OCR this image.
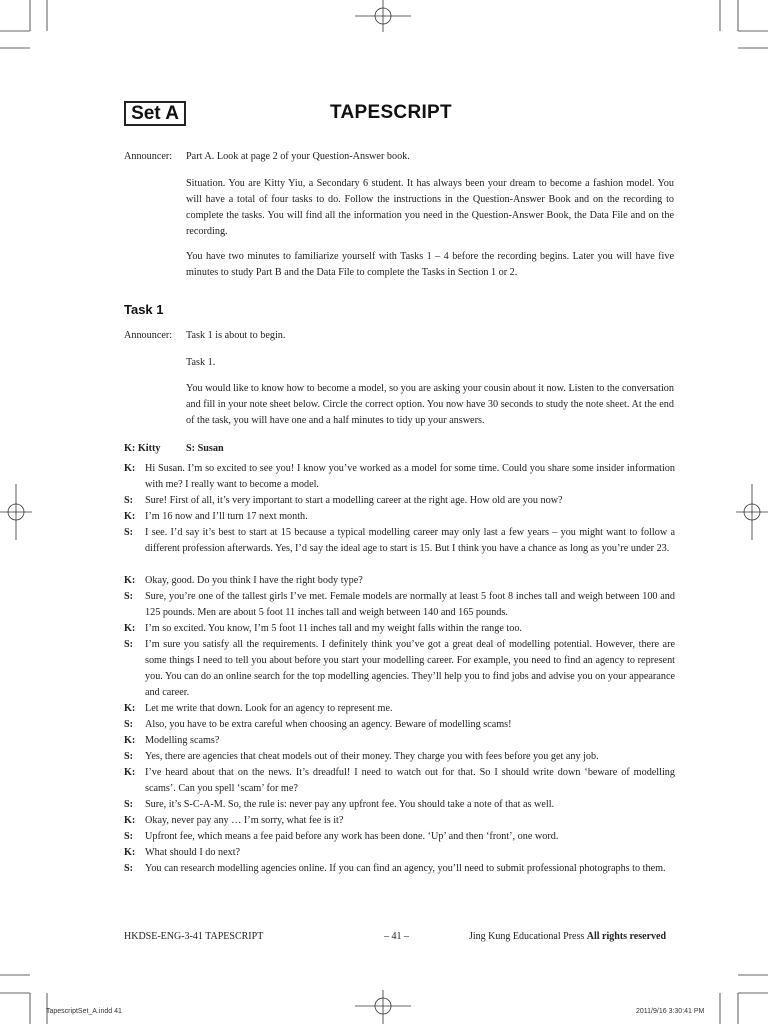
Set A	TAPESCRIPT
Announcer: Part A. Look at page 2 of your Question-Answer book.
Situation. You are Kitty Yiu, a Secondary 6 student. It has always been your dream to become a fashion model. You will have a total of four tasks to do. Follow the instructions in the Question-Answer Book and on the recording to complete the tasks. You will find all the information you need in the Question-Answer Book, the Data File and on the recording.
You have two minutes to familiarize yourself with Tasks 1 – 4 before the recording begins. Later you will have five minutes to study Part B and the Data File to complete the Tasks in Section 1 or 2.
Task 1
Announcer: Task 1 is about to begin.
Task 1.
You would like to know how to become a model, so you are asking your cousin about it now. Listen to the conversation and fill in your note sheet below. Circle the correct option. You now have 30 seconds to study the note sheet. At the end of the task, you will have one and a half minutes to tidy up your answers.
K: Kitty	S: Susan
K: Hi Susan. I’m so excited to see you! I know you’ve worked as a model for some time. Could you share some insider information with me? I really want to become a model.
S: Sure! First of all, it’s very important to start a modelling career at the right age. How old are you now?
K: I’m 16 now and I’ll turn 17 next month.
S: I see. I’d say it’s best to start at 15 because a typical modelling career may only last a few years – you might want to follow a different profession afterwards. Yes, I’d say the ideal age to start is 15. But I think you have a chance as long as you’re under 23.
K: Okay, good. Do you think I have the right body type?
S: Sure, you’re one of the tallest girls I’ve met. Female models are normally at least 5 foot 8 inches tall and weigh between 100 and 125 pounds. Men are about 5 foot 11 inches tall and weigh between 140 and 165 pounds.
K: I’m so excited. You know, I’m 5 foot 11 inches tall and my weight falls within the range too.
S: I’m sure you satisfy all the requirements. I definitely think you’ve got a great deal of modelling potential. However, there are some things I need to tell you about before you start your modelling career. For example, you need to find an agency to represent you. You can do an online search for the top modelling agencies. They’ll help you to find jobs and advise you on your appearance and career.
K: Let me write that down. Look for an agency to represent me.
S: Also, you have to be extra careful when choosing an agency. Beware of modelling scams!
K: Modelling scams?
S: Yes, there are agencies that cheat models out of their money. They charge you with fees before you get any job.
K: I’ve heard about that on the news. It’s dreadful! I need to watch out for that. So I should write down ‘beware of modelling scams’. Can you spell ‘scam’ for me?
S: Sure, it’s S-C-A-M. So, the rule is: never pay any upfront fee. You should take a note of that as well.
K: Okay, never pay any … I’m sorry, what fee is it?
S: Upfront fee, which means a fee paid before any work has been done. ‘Up’ and then ‘front’, one word.
K: What should I do next?
S: You can research modelling agencies online. If you can find an agency, you’ll need to submit professional photographs to them.
HKDSE-ENG-3-41 TAPESCRIPT	– 41 –	Jing Kung Educational Press All rights reserved
TapescriptSet_A.indd 41	2011/9/16 3:30:41 PM
